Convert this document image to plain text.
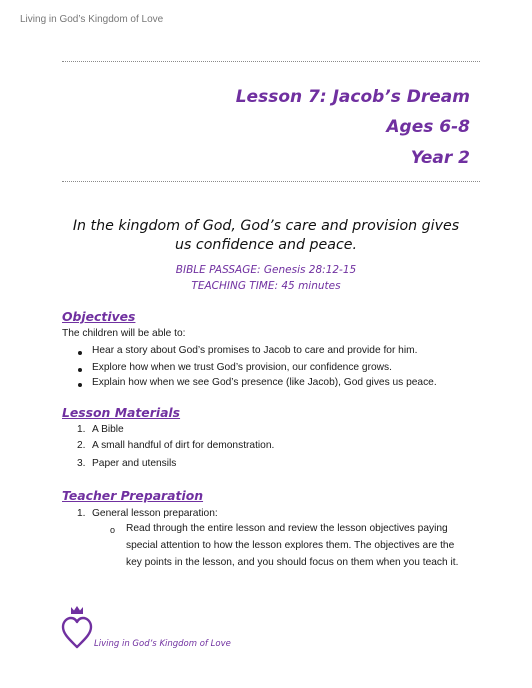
Living in God’s Kingdom of Love
Lesson 7: Jacob’s Dream
Ages 6-8
Year 2
In the kingdom of God, God’s care and provision gives us confidence and peace.
BIBLE PASSAGE: Genesis 28:12-15
TEACHING TIME: 45 minutes
Objectives
The children will be able to:
Hear a story about God’s promises to Jacob to care and provide for him.
Explore how when we trust God’s provision, our confidence grows.
Explain how when we see God’s presence (like Jacob), God gives us peace.
Lesson Materials
1. A Bible
2. A small handful of dirt for demonstration.
3. Paper and utensils
Teacher Preparation
1. General lesson preparation:
o Read through the entire lesson and review the lesson objectives paying special attention to how the lesson explores them. The objectives are the key points in the lesson, and you should focus on them when you teach it.
Living in God’s Kingdom of Love
